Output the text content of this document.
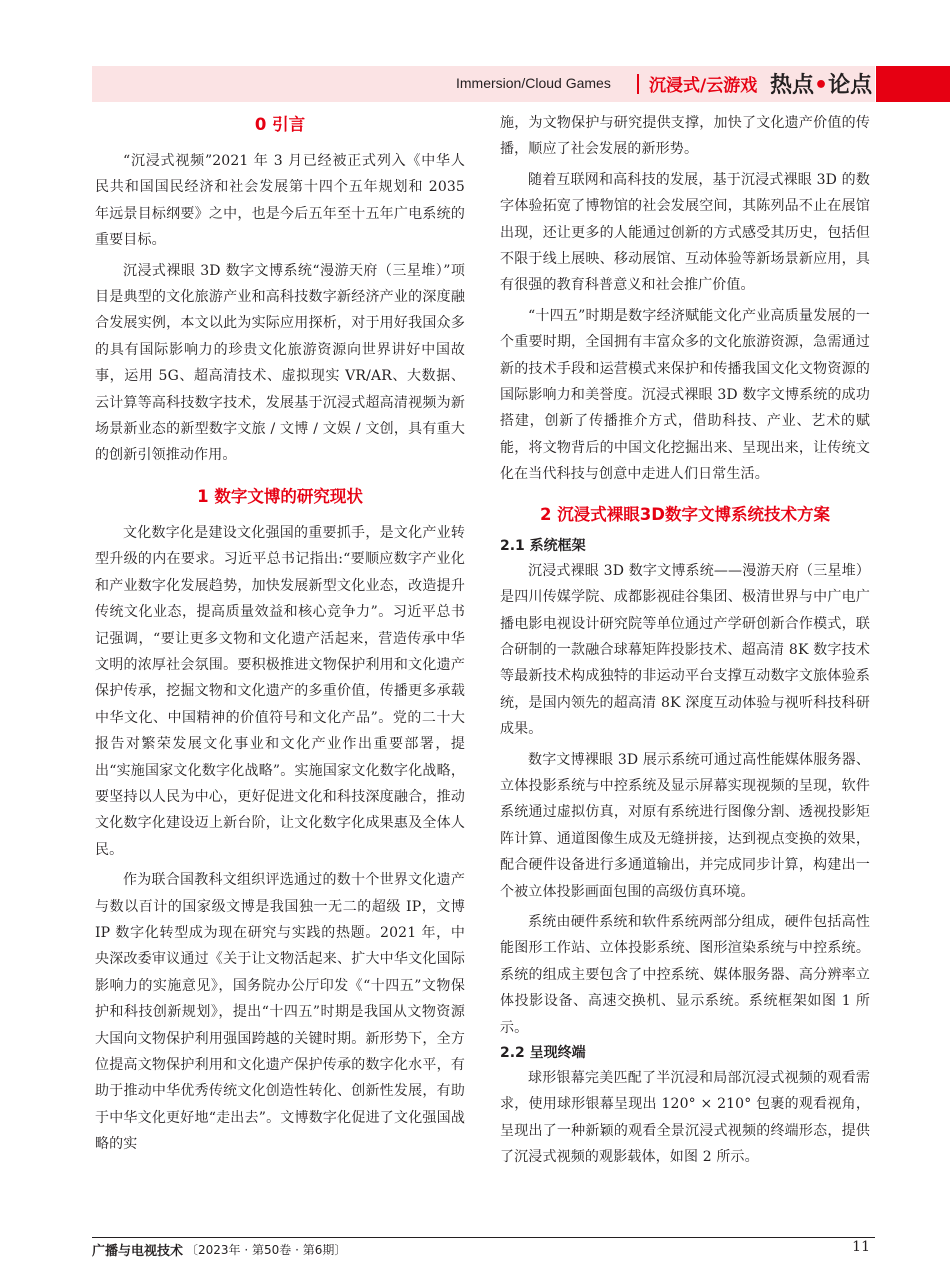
Immersion/Cloud Games 沉浸式/云游戏 热点•论点
0 引言

“沉浸式视频”2021 年 3 月已经被正式列入《中华人民共和国国民经济和社会发展第十四个五年规划和 2035 年远景目标纲要》之中，也是今后五年至十五年广电系统的重要目标。

沉浸式裸眼 3D 数字文博系统“漫游天府（三星堆）”项目是典型的文化旅游产业和高科技数字新经济产业的深度融合发展实例，本文以此为实际应用探析，对于用好我国众多的具有国际影响力的珍贵文化旅游资源向世界讲好中国故事，运用 5G、超高清技术、虚拟现实 VR/AR、大数据、云计算等高科技数字技术，发展基于沉浸式超高清视频为新场景新业态的新型数字文旅 / 文博 / 文娱 / 文创，具有重大的创新引领推动作用。

1 数字文博的研究现状

文化数字化是建设文化强国的重要抓手，是文化产业转型升级的内在要求。习近平总书记指出:“要顺应数字产业化和产业数字化发展趋势，加快发展新型文化业态，改造提升传统文化业态，提高质量效益和核心竞争力”。习近平总书记强调，“要让更多文物和文化遗产活起来，营造传承中华文明的浓厚社会氛围。要积极推进文物保护利用和文化遗产保护传承，挖掘文物和文化遗产的多重价值，传播更多承载中华文化、中国精神的价值符号和文化产品”。党的二十大报告对繁荣发展文化事业和文化产业作出重要部署，提出“实施国家文化数字化战略”。实施国家文化数字化战略，要坚持以人民为中心，更好促进文化和科技深度融合，推动文化数字化建设迈上新台阶，让文化数字化成果惠及全体人民。

作为联合国教科文组织评选通过的数十个世界文化遗产与数以百计的国家级文博是我国独一无二的超级 IP，文博 IP 数字化转型成为现在研究与实践的热题。2021 年，中央深改委审议通过《关于让文物活起来、扩大中华文化国际影响力的实施意见》，国务院办公厅印发《“十四五”文物保护和科技创新规划》，提出“十四五”时期是我国从文物资源大国向文物保护利用强国跨越的关键时期。新形势下，全方位提高文物保护利用和文化遗产保护传承的数字化水平，有助于推动中华优秀传统文化创造性转化、创新性发展，有助于中华文化更好地“走出去”。文博数字化促进了文化强国战略的实

施，为文物保护与研究提供支撑，加快了文化遗产价值的传播，顺应了社会发展的新形势。

随着互联网和高科技的发展，基于沉浸式裸眼 3D 的数字体验拓宽了博物馆的社会发展空间，其陈列品不止在展馆出现，还让更多的人能通过创新的方式感受其历史，包括但不限于线上展映、移动展馆、互动体验等新场景新应用，具有很强的教育科普意义和社会推广价值。

“十四五”时期是数字经济赋能文化产业高质量发展的一个重要时期，全国拥有丰富众多的文化旅游资源，急需通过新的技术手段和运营模式来保护和传播我国文化文物资源的国际影响力和美誉度。沉浸式裸眼 3D 数字文博系统的成功搭建，创新了传播推介方式，借助科技、产业、艺术的赋能，将文物背后的中国文化挖掘出来、呈现出来，让传统文化在当代科技与创意中走进人们日常生活。

2 沉浸式裸眼3D数字文博系统技术方案
2.1 系统框架

沉浸式裸眼 3D 数字文博系统——漫游天府（三星堆）是四川传媒学院、成都影视硅谷集团、极清世界与中广电广播电影电视设计研究院等单位通过产学研创新合作模式，联合研制的一款融合球幕矩阵投影技术、超高清 8K 数字技术等最新技术构成独特的非运动平台支撑互动数字文旅体验系统，是国内领先的超高清 8K 深度互动体验与视听科技科研成果。

数字文博裸眼 3D 展示系统可通过高性能媒体服务器、立体投影系统与中控系统及显示屏幕实现视频的呈现，软件系统通过虚拟仿真，对原有系统进行图像分割、透视投影矩阵计算、通道图像生成及无缝拼接，达到视点变换的效果，配合硬件设备进行多通道输出，并完成同步计算，构建出一个被立体投影画面包围的高级仿真环境。

系统由硬件系统和软件系统两部分组成，硬件包括高性能图形工作站、立体投影系统、图形渲染系统与中控系统。系统的组成主要包含了中控系统、媒体服务器、高分辨率立体投影设备、高速交换机、显示系统。系统框架如图 1 所示。

2.2 呈现终端

球形银幕完美匹配了半沉浸和局部沉浸式视频的观看需求，使用球形银幕呈现出 120° × 210° 包裹的观看视角，呈现出了一种新颖的观看全景沉浸式视频的终端形态，提供了沉浸式视频的观影载体，如图 2 所示。

广播与电视技术 〔2023年 · 第50卷 · 第6期〕	11
